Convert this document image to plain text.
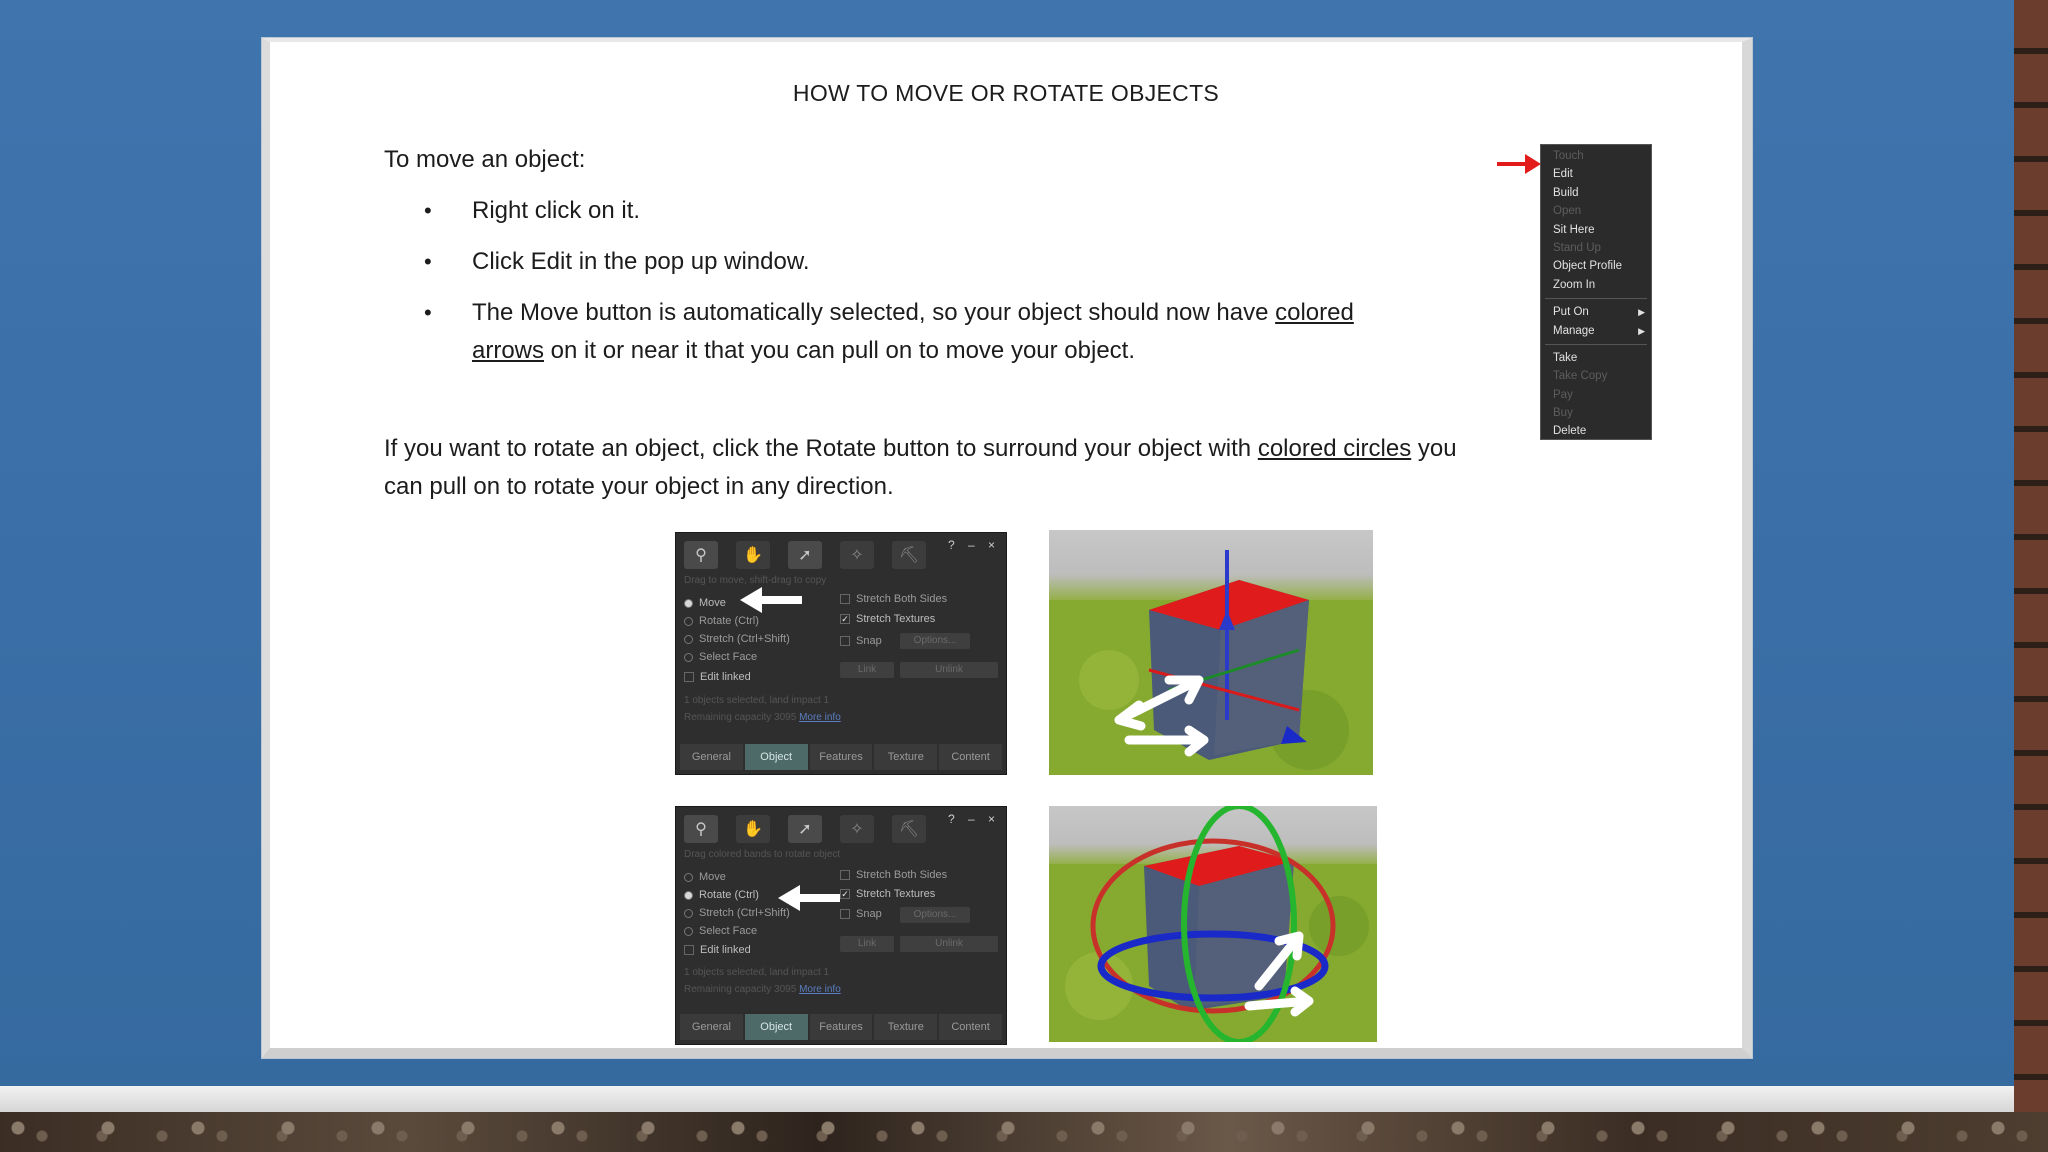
HOW TO MOVE OR ROTATE OBJECTS
To move an object:
• Right click on it.
• Click Edit in the pop up window.
• The Move button is automatically selected, so your object should now have colored arrows on it or near it that you can pull on to move your object.
If you want to rotate an object, click the Rotate button to surround your object with colored circles you can pull on to rotate your object in any direction.
Touch
Edit
Build
Open
Sit Here
Stand Up
Object Profile
Zoom In
Put On	▶
Manage	▶
Take
Take Copy
Pay
Buy
Delete
⚲ ✋ ➚ ✧ ⛏
? – ×
Drag to move, shift-drag to copy
Move
Rotate (Ctrl)
Stretch (Ctrl+Shift)
Select Face
Edit linked
Stretch Both Sides
✓ Stretch Textures
Snap	Options...
Link	Unlink
1 objects selected, land impact 1
Remaining capacity 3095 More info
General	Object	Features	Texture	Content
⚲ ✋ ➚ ✧ ⛏
? – ×
Drag colored bands to rotate object
Move
Rotate (Ctrl)
Stretch (Ctrl+Shift)
Select Face
Edit linked
Stretch Both Sides
✓ Stretch Textures
Snap	Options...
Link	Unlink
1 objects selected, land impact 1
Remaining capacity 3095 More info
General	Object	Features	Texture	Content
